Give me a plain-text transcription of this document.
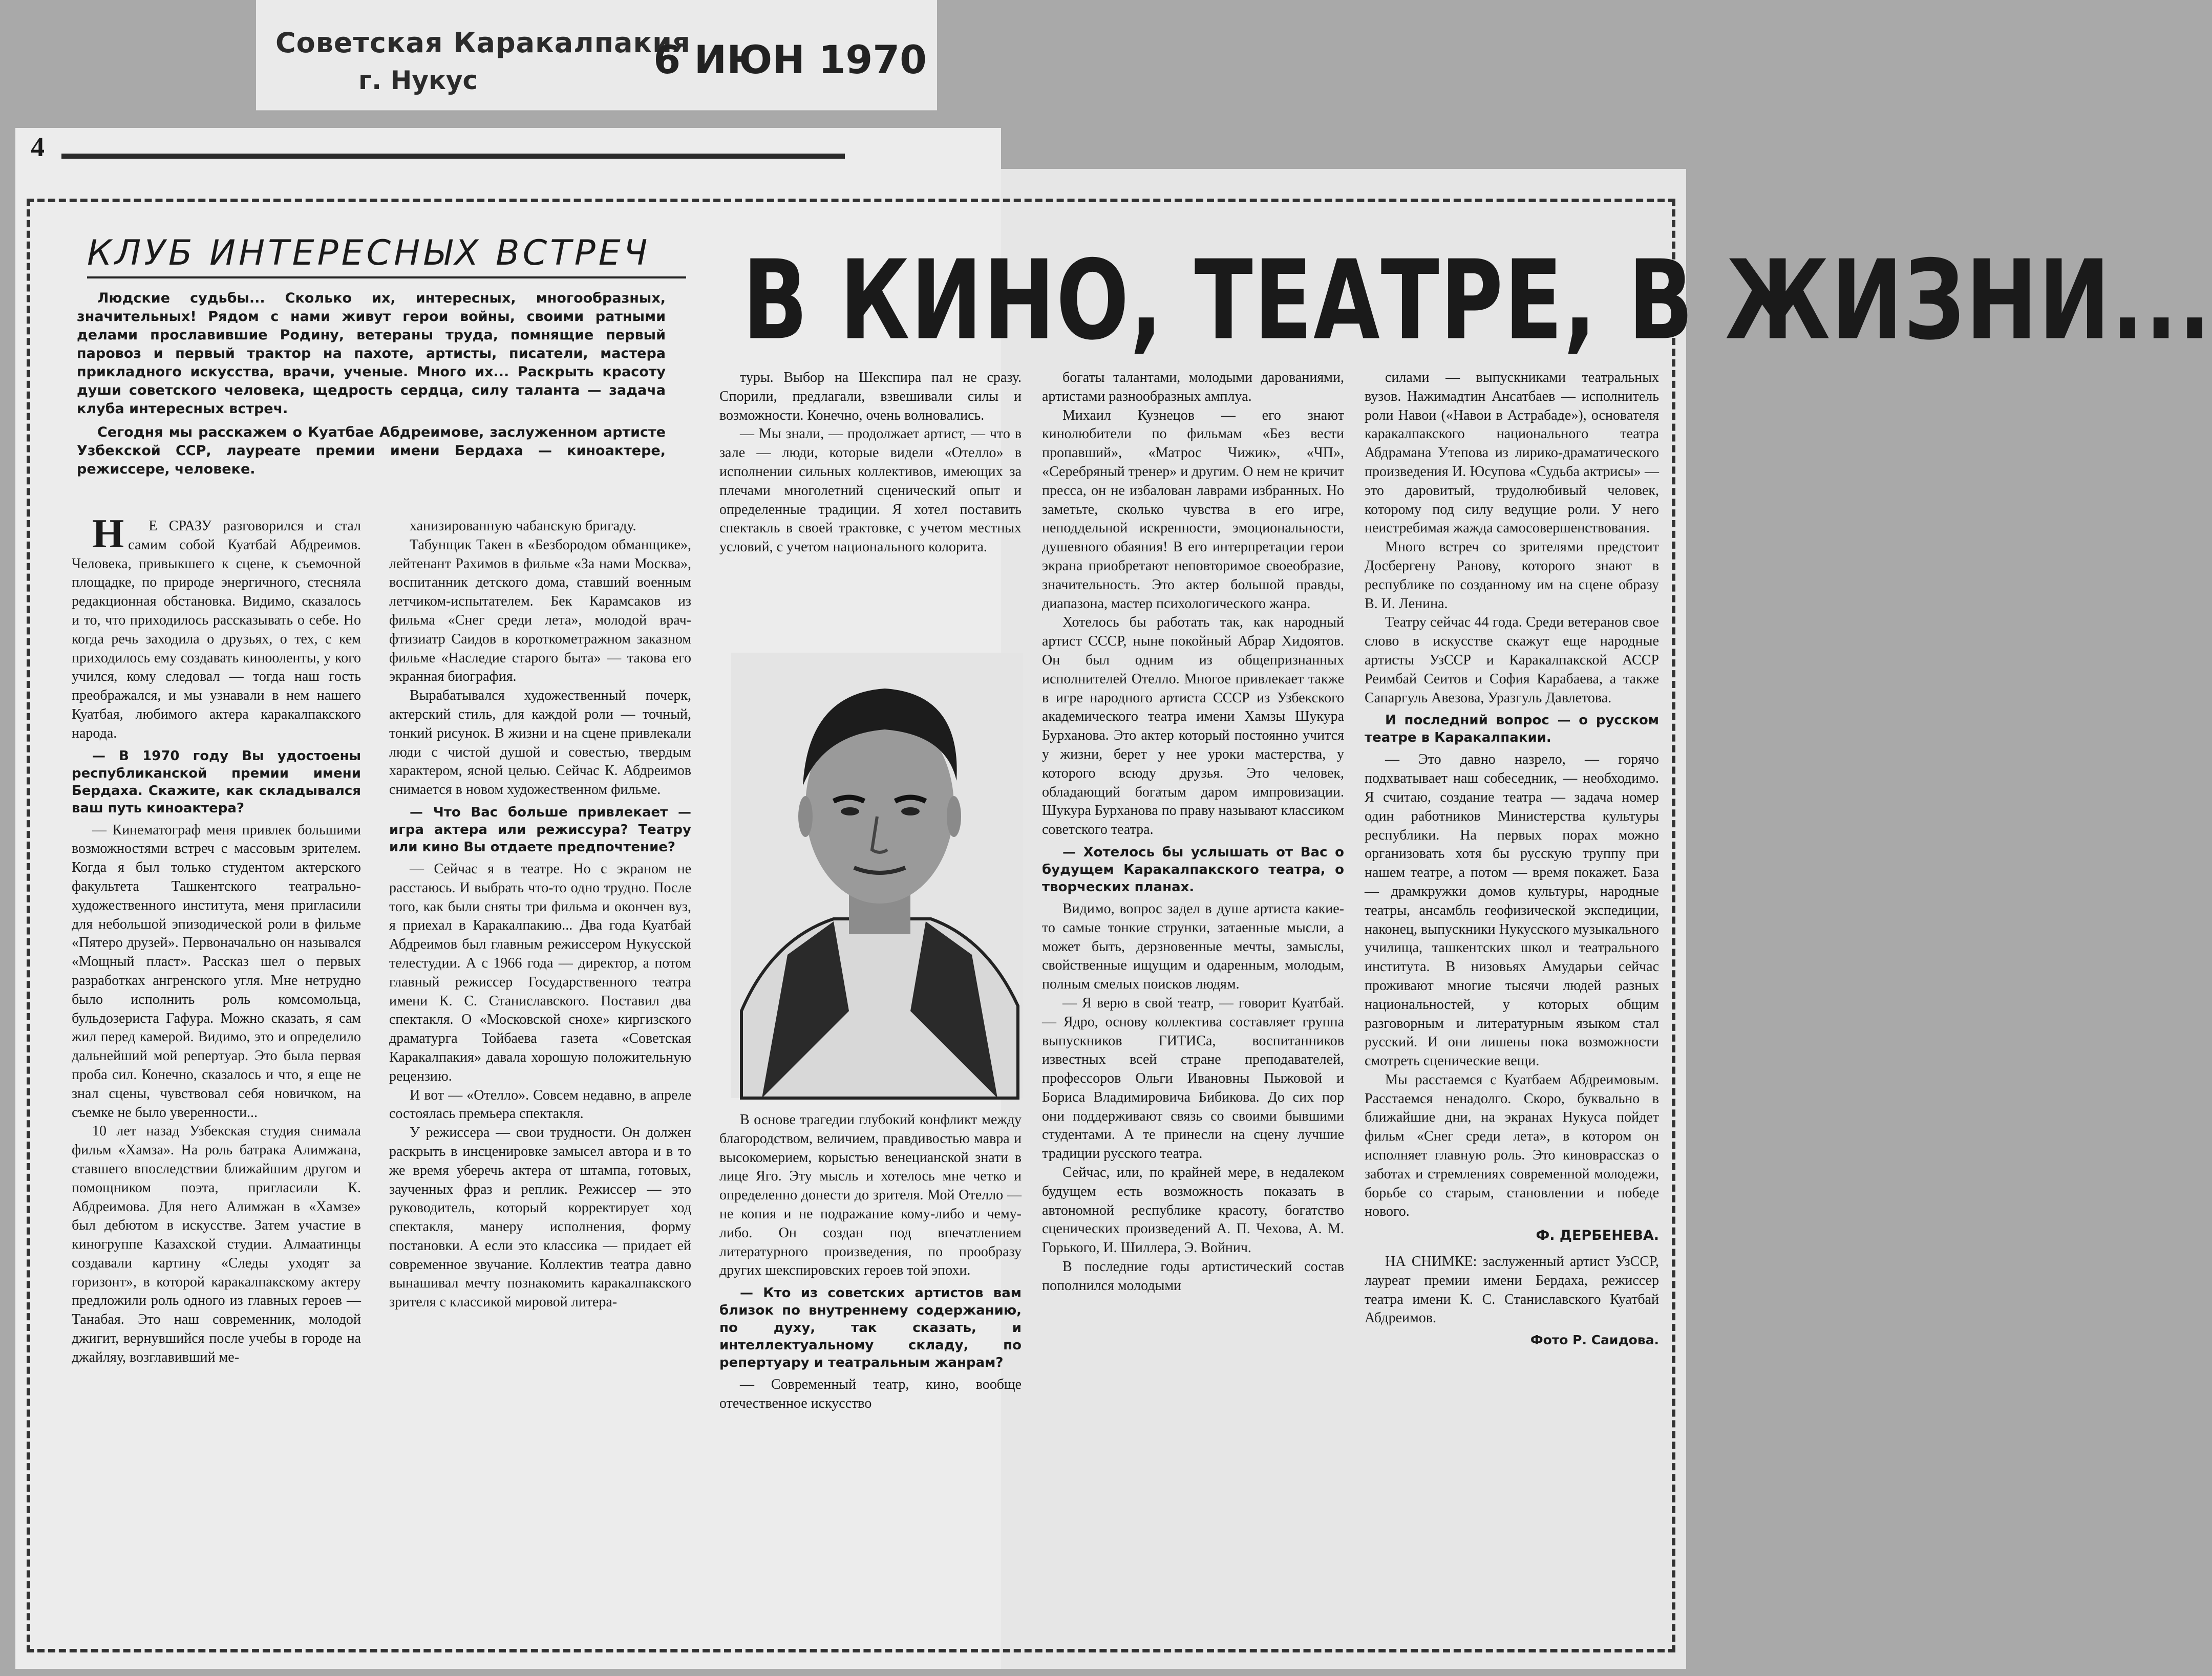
Советская Каракалпакия
г. Нукус	6 ИЮН 1970
4
КЛУБ ИНТЕРЕСНЫХ ВСТРЕЧ В КИНО, ТЕАТРЕ, В ЖИЗНИ...

Людские судьбы... Сколько их, интересных, многообразных, значительных! Рядом с нами живут герои войны, своими ратными делами прославившие Родину, ветераны труда, помнящие первый паровоз и первый трактор на пахоте, артисты, писатели, мастера прикладного искусства, врачи, ученые. Много их... Раскрыть красоту души советского человека, щедрость сердца, силу таланта — задача клуба интересных встреч.

Сегодня мы расскажем о Куатбае Абдреимове, заслуженном артисте Узбекской ССР, лауреате премии имени Бердаха — киноактере, режиссере, человеке.

НЕ СРАЗУ разговорился и стал самим собой Куатбай Абдреимов. Человека, привыкшего к сцене, к съемочной площадке, по природе энергичного, стесняла редакционная обстановка. Видимо, сказалось и то, что приходилось рассказывать о себе. Но когда речь заходила о друзьях, о тех, с кем приходилось ему создавать кинооленты, у кого учился, кому следовал — тогда наш гость преображался, и мы узнавали в нем нашего Куатбая, любимого актера каракалпакского народа.

— В 1970 году Вы удостоены республиканской премии имени Бердаха. Скажите, как складывался ваш путь киноактера?

— Кинематограф меня привлек большими возможностями встреч с массовым зрителем. Когда я был только студентом актерского факультета Ташкентского театрально-художественного института, меня пригласили для небольшой эпизодической роли в фильме «Пятеро друзей». Первоначально он назывался «Мощный пласт». Рассказ шел о первых разработках ангренского угля. Мне нетрудно было исполнить роль комсомольца, бульдозериста Гафура. Можно сказать, я сам жил перед камерой. Видимо, это и определило дальнейший мой репертуар. Это была первая проба сил. Конечно, сказалось и что, я еще не знал сцены, чувствовал себя новичком, на съемке не было уверенности...

10 лет назад Узбекская студия снимала фильм «Хамза». На роль батрака Алимжана, ставшего впоследствии ближайшим другом и помощником поэта, пригласили К. Абдреимова. Для него Алимжан в «Хамзе» был дебютом в искусстве. Затем участие в киногруппе Казахской студии. Алмаатинцы создавали картину «Следы уходят за горизонт», в которой каракалпакскому актеру предложили роль одного из главных героев — Танабая. Это наш современник, молодой джигит, вернувшийся после учебы в городе на джайляу, возглавивший ме-

ханизированную чабанскую бригаду.

Табунщик Такен в «Безбородом обманщике», лейтенант Рахимов в фильме «За нами Москва», воспитанник детского дома, ставший военным летчиком-испытателем. Бек Карамсаков из фильма «Снег среди лета», молодой врач-фтизиатр Саидов в короткометражном заказном фильме «Наследие старого быта» — такова его экранная биография.

Вырабатывался художественный почерк, актерский стиль, для каждой роли — точный, тонкий рисунок. В жизни и на сцене привлекали люди с чистой душой и совестью, твердым характером, ясной целью. Сейчас К. Абдреимов снимается в новом художественном фильме.

— Что Вас больше привлекает — игра актера или режиссура? Театру или кино Вы отдаете предпочтение?

— Сейчас я в театре. Но с экраном не расстаюсь. И выбрать что-то одно трудно. После того, как были сняты три фильма и окончен вуз, я приехал в Каракалпакию... Два года Куатбай Абдреимов был главным режиссером Нукусской телестудии. А с 1966 года — директор, а потом главный режиссер Государственного театра имени К. С. Станиславского. Поставил два спектакля. О «Московской снохе» киргизского драматурга Тойбаева газета «Советская Каракалпакия» давала хорошую положительную рецензию.

И вот — «Отелло». Совсем недавно, в апреле состоялась премьера спектакля.

У режиссера — свои трудности. Он должен раскрыть в инсценировке замысел автора и в то же время уберечь актера от штампа, готовых, заученных фраз и реплик. Режиссер — это руководитель, который корректирует ход спектакля, манеру исполнения, форму постановки. А если это классика — придает ей современное звучание. Коллектив театра давно вынашивал мечту познакомить каракалпакского зрителя с классикой мировой литера-

туры. Выбор на Шекспира пал не сразу. Спорили, предлагали, взвешивали силы и возможности. Конечно, очень волновались.

— Мы знали, — продолжает артист, — что в зале — люди, которые видели «Отелло» в исполнении сильных коллективов, имеющих за плечами многолетний сценический опыт и определенные традиции. Я хотел поставить спектакль в своей трактовке, с учетом местных условий, с учетом национального колорита.

В основе трагедии глубокий конфликт между благородством, величием, правдивостью мавра и высокомерием, корыстью венецианской знати в лице Яго. Эту мысль и хотелось мне четко и определенно донести до зрителя. Мой Отелло — не копия и не подражание кому-либо и чему-либо. Он создан под впечатлением литературного произведения, по прообразу других шекспировских героев той эпохи.

— Кто из советских артистов вам близок по внутреннему содержанию, по духу, так сказать, и интеллектуальному складу, по репертуару и театральным жанрам?

— Современный театр, кино, вообще отечественное искусство

богаты талантами, молодыми дарованиями, артистами разнообразных амплуа.

Михаил Кузнецов — его знают кинолюбители по фильмам «Без вести пропавший», «Матрос Чижик», «ЧП», «Серебряный тренер» и другим. О нем не кричит пресса, он не избалован лаврами избранных. Но заметьте, сколько чувства в его игре, неподдельной искренности, эмоциональности, душевного обаяния! В его интерпретации герои экрана приобретают неповторимое своеобразие, значительность. Это актер большой правды, диапазона, мастер психологического жанра.

Хотелось бы работать так, как народный артист СССР, ныне покойный Абрар Хидоятов. Он был одним из общепризнанных исполнителей Отелло. Многое привлекает также в игре народного артиста СССР из Узбекского академического театра имени Хамзы Шукура Бурханова. Это актер который постоянно учится у жизни, берет у нее уроки мастерства, у которого всюду друзья. Это человек, обладающий богатым даром импровизации. Шукура Бурханова по праву называют классиком советского театра.

— Хотелось бы услышать от Вас о будущем Каракалпакского театра, о творческих планах.

Видимо, вопрос задел в душе артиста какие-то самые тонкие струнки, затаенные мысли, а может быть, дерзновенные мечты, замыслы, свойственные ищущим и одаренным, молодым, полным смелых поисков людям.

— Я верю в свой театр, — говорит Куатбай. — Ядро, основу коллектива составляет группа выпускников ГИТИСа, воспитанников известных всей стране преподавателей, профессоров Ольги Ивановны Пыжовой и Бориса Владимировича Бибикова. До сих пор они поддерживают связь со своими бывшими студентами. А те принесли на сцену лучшие традиции русского театра.

Сейчас, или, по крайней мере, в недалеком будущем есть возможность показать в автономной республике красоту, богатство сценических произведений А. П. Чехова, А. М. Горького, И. Шиллера, Э. Войнич.

В последние годы артистический состав пополнился молодыми

силами — выпускниками театральных вузов. Нажимадтин Ансатбаев — исполнитель роли Навои («Навои в Астрабаде»), основателя каракалпакского национального театра Абдрамана Утепова из лирико-драматического произведения И. Юсупова «Судьба актрисы» — это даровитый, трудолюбивый человек, которому под силу ведущие роли. У него неистребимая жажда самосовершенствования.

Много встреч со зрителями предстоит Досбергену Ранову, которого знают в республике по созданному им на сцене образу В. И. Ленина.

Театру сейчас 44 года. Среди ветеранов свое слово в искусстве скажут еще народные артисты УзССР и Каракалпакской АССР Реимбай Сеитов и София Карабаева, а также Сапаргуль Авезова, Уразгуль Давлетова.

И последний вопрос — о русском театре в Каракалпакии.

— Это давно назрело, — горячо подхватывает наш собеседник, — необходимо. Я считаю, создание театра — задача номер один работников Министерства культуры республики. На первых порах можно организовать хотя бы русскую труппу при нашем театре, а потом — время покажет. База — драмкружки домов культуры, народные театры, ансамбль геофизической экспедиции, наконец, выпускники Нукусского музыкального училища, ташкентских школ и театрального института. В низовьях Амударьи сейчас проживают многие тысячи людей разных национальностей, у которых общим разговорным и литературным языком стал русский. И они лишены пока возможности смотреть сценические вещи.

Мы расстаемся с Куатбаем Абдреимовым. Расстаемся ненадолго. Скоро, буквально в ближайшие дни, на экранах Нукуса пойдет фильм «Снег среди лета», в котором он исполняет главную роль. Это киноврассказ о заботах и стремлениях современной молодежи, борьбе со старым, становлении и победе нового.

Ф. ДЕРБЕНЕВА.

НА СНИМКЕ: заслуженный артист УзССР, лауреат премии имени Бердаха, режиссер театра имени К. С. Станиславского Куатбай Абдреимов.

Фото Р. Саидова.
